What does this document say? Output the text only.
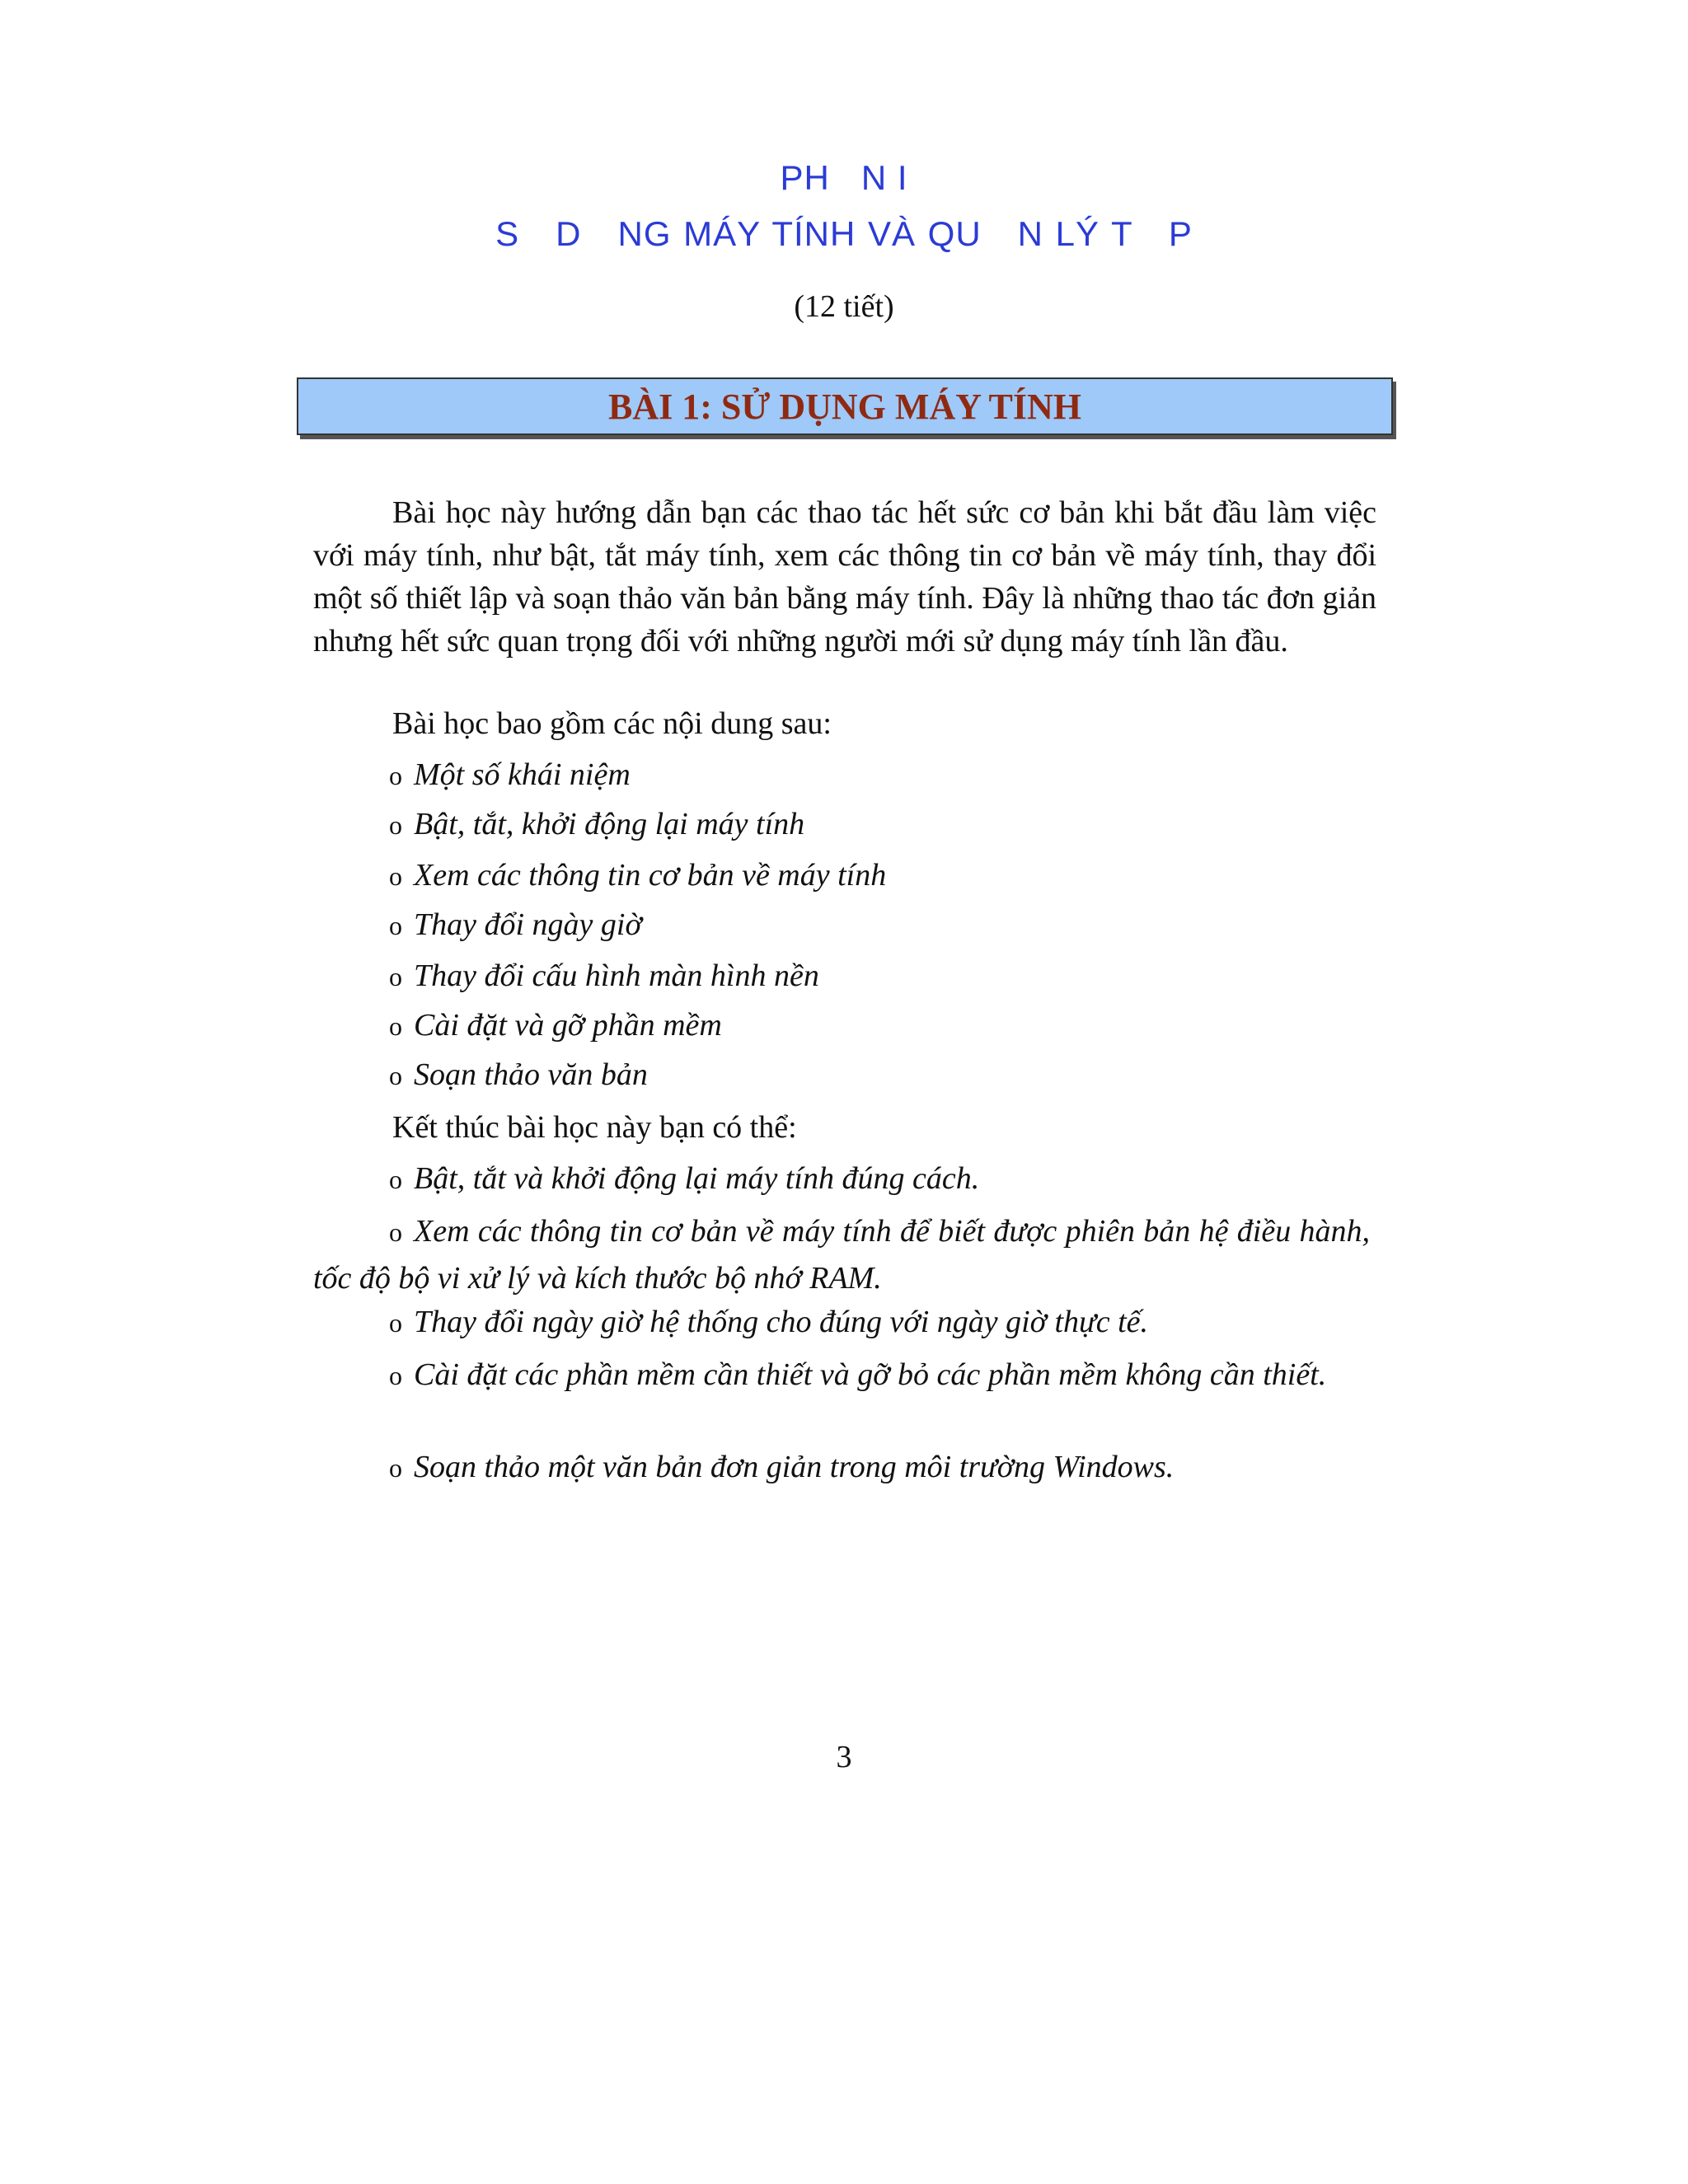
PH   N I
S   D   NG MÁY TÍNH VÀ QU   N LÝ T   P
(12 tiết)
BÀI 1: SỬ DỤNG MÁY TÍNH
Bài học này hướng dẫn bạn các thao tác hết sức cơ bản khi bắt đầu làm việc với máy tính, như bật, tắt máy tính, xem các thông tin cơ bản về máy tính, thay đổi một số thiết lập và soạn thảo văn bản bằng máy tính. Đây là những thao tác đơn giản nhưng hết sức quan trọng đối với những người mới sử dụng máy tính lần đầu.
Bài học bao gồm các nội dung sau:
o Một số khái niệm
o Bật, tắt, khởi động lại máy tính
o Xem các thông tin cơ bản về máy tính
o Thay đổi ngày giờ
o Thay đổi cấu hình màn hình nền
o Cài đặt và gỡ phần mềm
o Soạn thảo văn bản
Kết thúc bài học này bạn có thể:
o Bật, tắt và khởi động lại máy tính đúng cách.
o Xem các thông tin cơ bản về máy tính để biết được phiên bản hệ điều hành, tốc độ bộ vi xử lý và kích thước bộ nhớ RAM.
o Thay đổi ngày giờ hệ thống cho đúng với ngày giờ thực tế.
o Cài đặt các phần mềm cần thiết và gỡ bỏ các phần mềm không cần thiết.
o Soạn thảo một văn bản đơn giản trong môi trường Windows.
3
